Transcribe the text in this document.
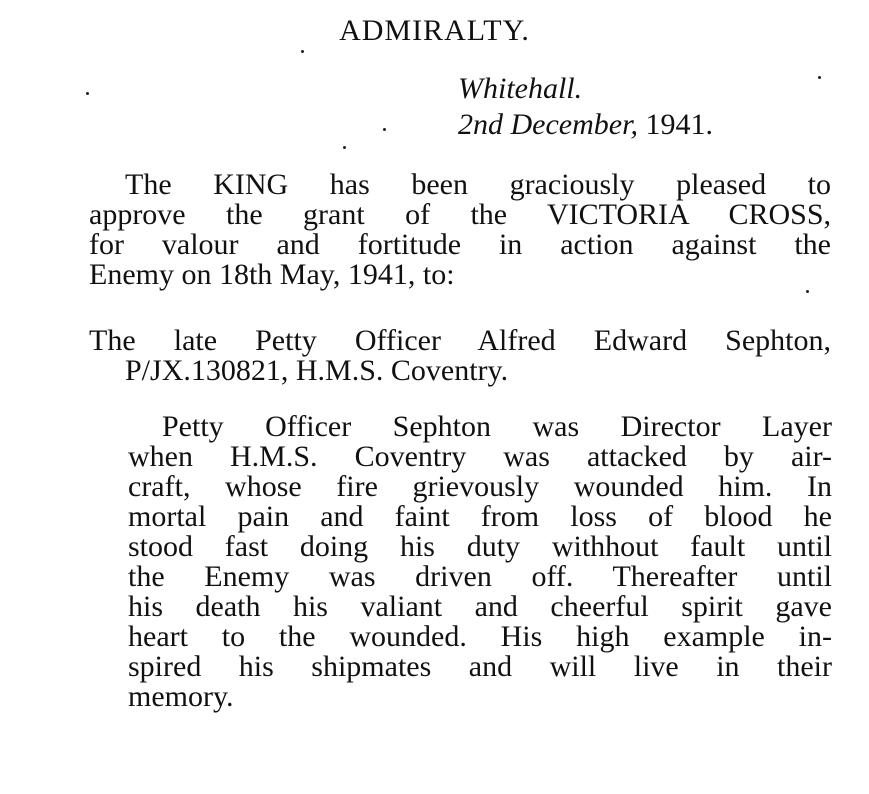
ADMIRALTY.
Whitehall.
2nd December, 1941.
The KING has been graciously pleased to
approve the grant of the VICTORIA CROSS,
for valour and fortitude in action against the
Enemy on 18th May, 1941, to:
The late Petty Officer Alfred Edward Sephton,
P/JX.130821, H.M.S. Coventry.
Petty Officer Sephton was Director Layer
when H.M.S. Coventry was attacked by air-
craft, whose fire grievously wounded him. In
mortal pain and faint from loss of blood he
stood fast doing his duty withhout fault until
the Enemy was driven off. Thereafter until
his death his valiant and cheerful spirit gave
heart to the wounded. His high example in-
spired his shipmates and will live in their
memory.
